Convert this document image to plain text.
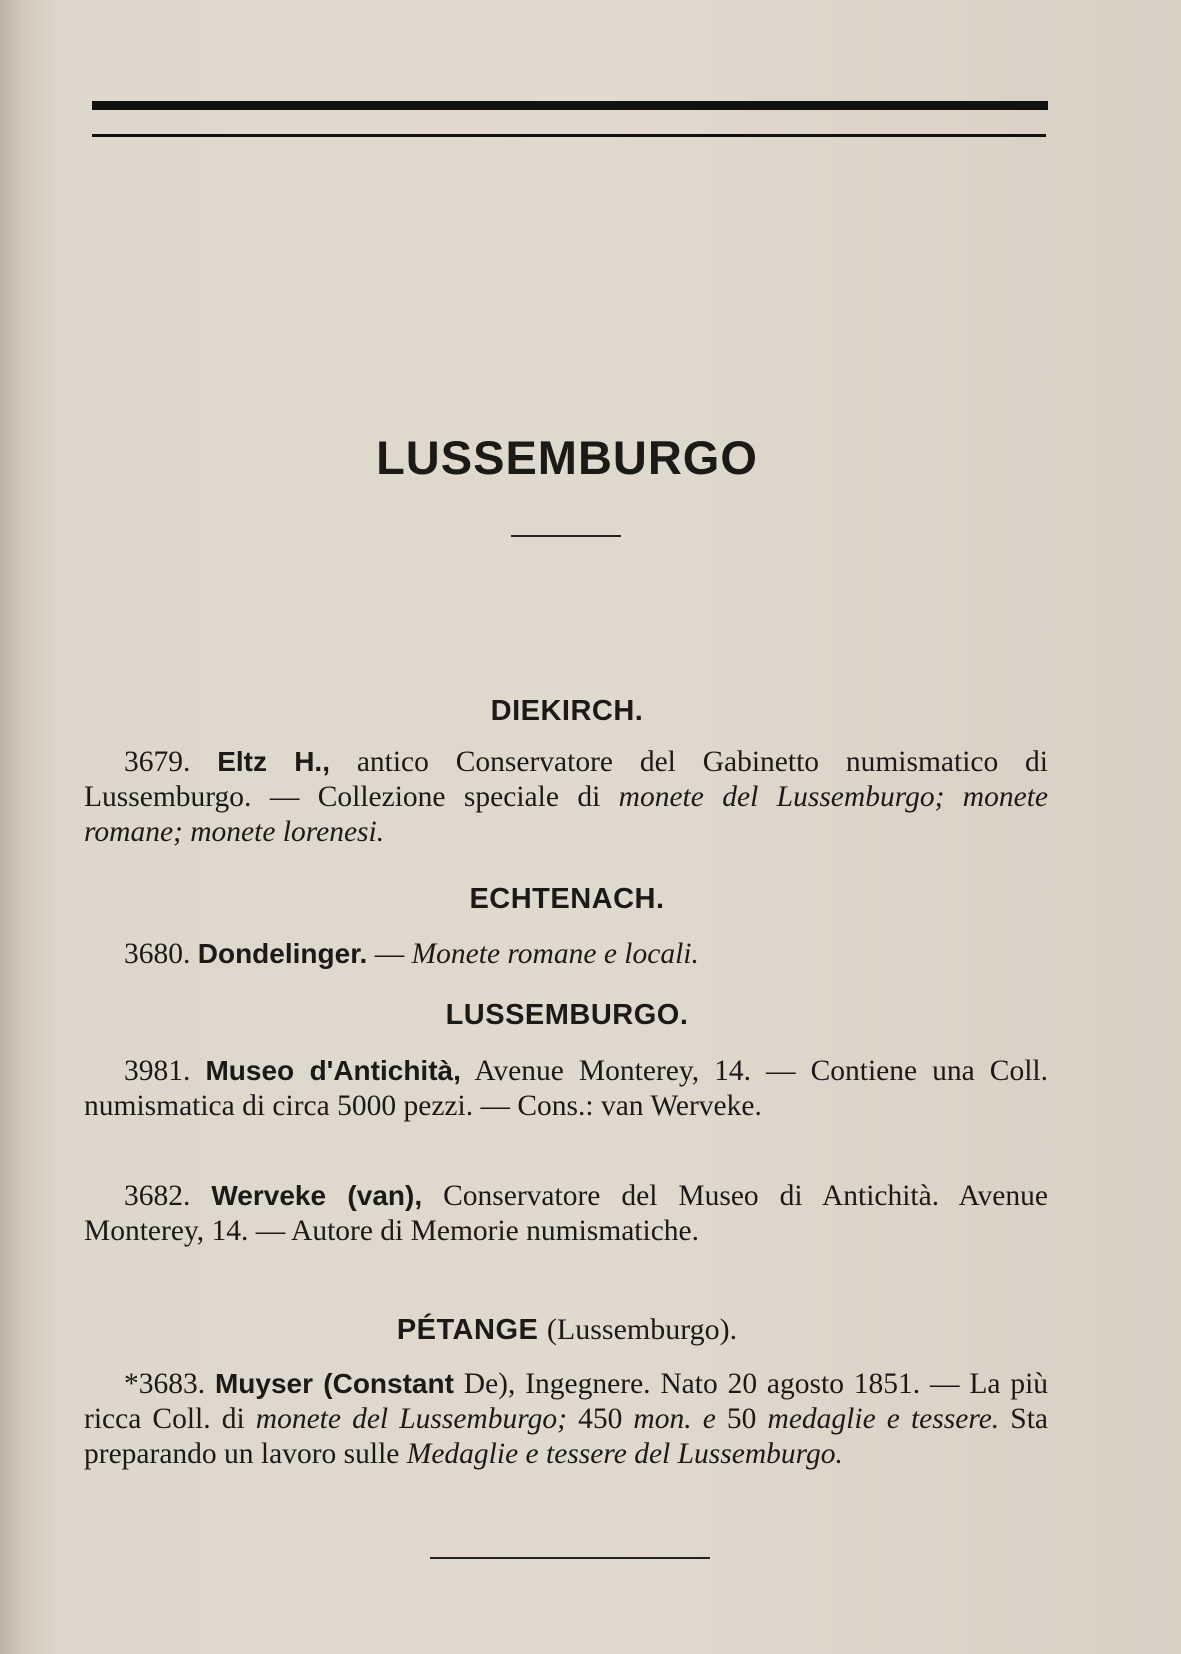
LUSSEMBURGO
DIEKIRCH.

3679. Eltz H., antico Conservatore del Gabinetto numismatico di Lussemburgo. — Collezione speciale di monete del Lussemburgo; monete romane; monete lorenesi.

ECHTENACH.

3680. Dondelinger. — Monete romane e locali.

LUSSEMBURGO.

3981. Museo d'Antichità, Avenue Monterey, 14. — Contiene una Coll. numismatica di circa 5000 pezzi. — Cons.: van Werveke.

3682. Werveke (van), Conservatore del Museo di Antichità. Avenue Monterey, 14. — Autore di Memorie numismatiche.

PÉTANGE (Lussemburgo).

*3683. Muyser (Constant De), Ingegnere. Nato 20 agosto 1851. — La più ricca Coll. di monete del Lussemburgo; 450 mon. e 50 medaglie e tessere. Sta preparando un lavoro sulle Medaglie e tessere del Lussemburgo.
